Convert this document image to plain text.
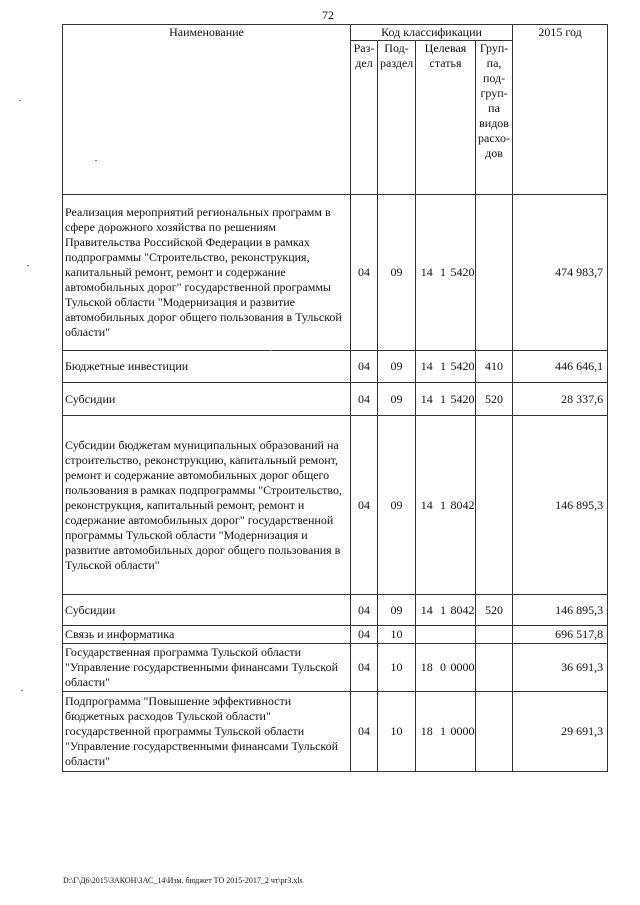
72
Наименование	Код классификации						2015 год
	Раз-дел	Под-раздел	Целевая статья			Груп-па, под-груп-па видов расхо-дов	
Реализация мероприятий региональных программ в сфере дорожного хозяйства по решениям Правительства Российской Федерации в рамках подпрограммы "Строительство, реконструкция, капитальный ремонт, ремонт и содержание автомобильных дорог" государственной программы Тульской области "Модернизация и развитие автомобильных дорог общего пользования в Тульской области"	04	09	14	1	5420		474 983,7
Бюджетные инвестиции	04	09	14	1	5420	410	446 646,1
Субсидии	04	09	14	1	5420	520	28 337,6
Субсидии бюджетам муниципальных образований на строительство, реконструкцию, капитальный ремонт, ремонт и содержание автомобильных дорог общего пользования в рамках подпрограммы "Строительство, реконструкция, капитальный ремонт, ремонт и содержание автомобильных дорог" государственной программы Тульской области "Модернизация и развитие автомобильных дорог общего пользования в Тульской области"	04	09	14	1	8042		146 895,3
Субсидии	04	09	14	1	8042	520	146 895,3
Связь и информатика	04	10					696 517,8
Государственная программа Тульской области "Управление государственными финансами Тульской области"	04	10	18	0	0000		36 691,3
Подпрограмма "Повышение эффективности бюджетных расходов Тульской области" государственной программы Тульской области "Управление государственными финансами Тульской области"	04	10	18	1	0000		29 691,3
D:\Г\Д6\2015\ЗАКОН\ЗАС_14\Изм. бюджет ТО 2015-2017_2 чт\pr3.xls
